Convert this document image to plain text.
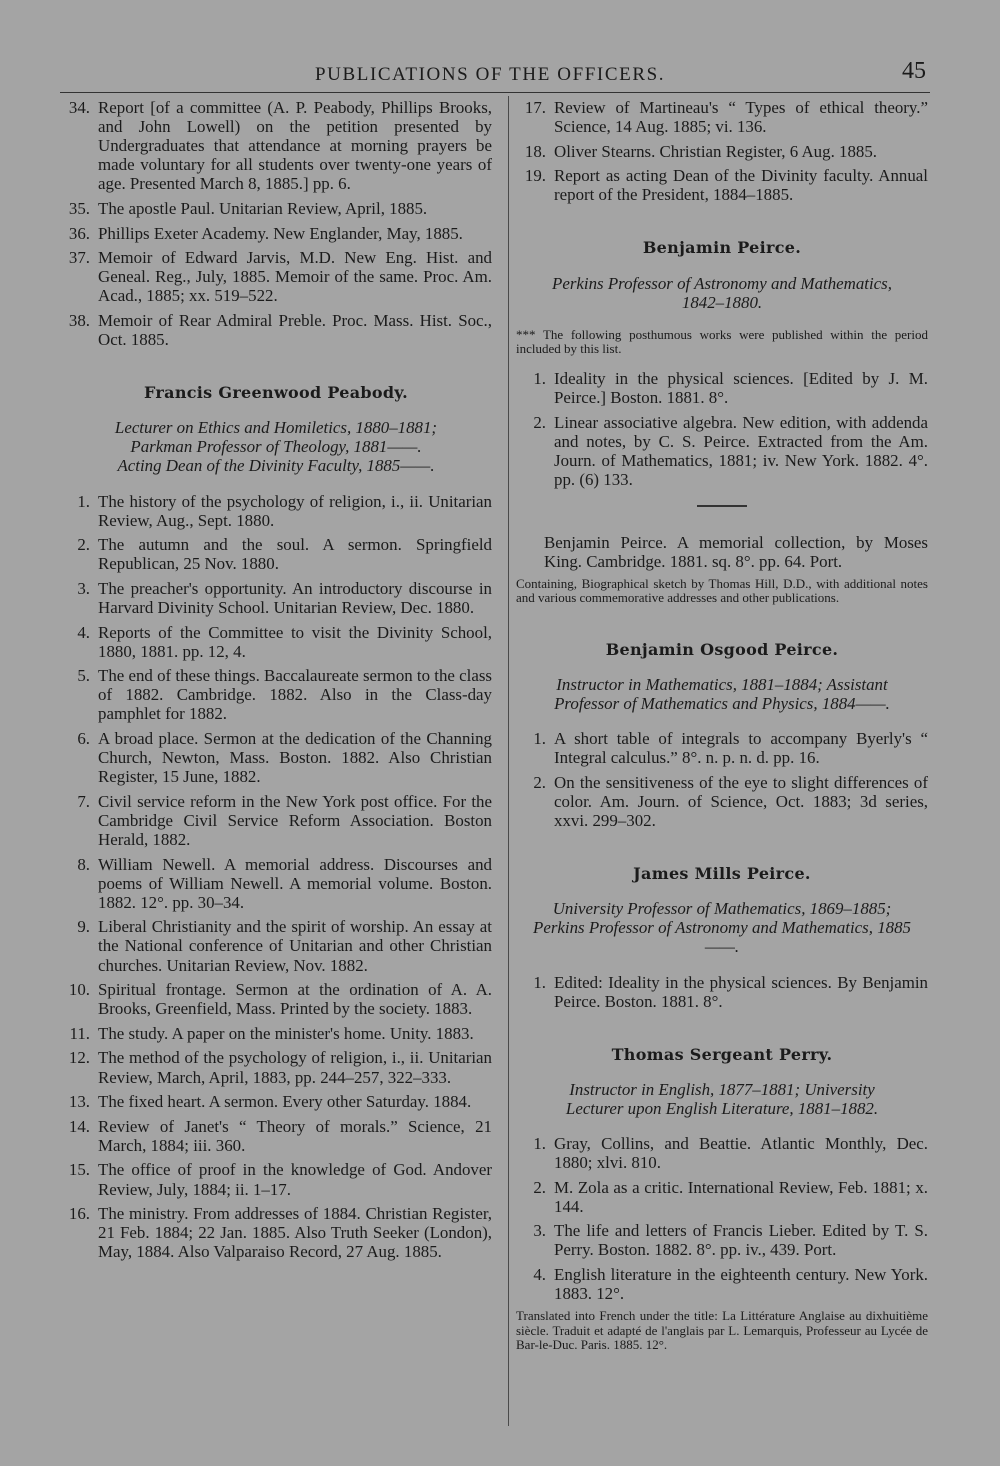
PUBLICATIONS OF THE OFFICERS.	45
34. Report [of a committee (A. P. Peabody, Phillips Brooks, and John Lowell) on the petition presented by Undergraduates that attendance at morning prayers be made voluntary for all students over twenty-one years of age. Presented March 8, 1885.] pp. 6.
35. The apostle Paul. Unitarian Review, April, 1885.
36. Phillips Exeter Academy. New Englander, May, 1885.
37. Memoir of Edward Jarvis, M.D. New Eng. Hist. and Geneal. Reg., July, 1885. Memoir of the same. Proc. Am. Acad., 1885; xx. 519–522.
38. Memoir of Rear Admiral Preble. Proc. Mass. Hist. Soc., Oct. 1885.
Francis Greenwood Peabody.
Lecturer on Ethics and Homiletics, 1880–1881;
Parkman Professor of Theology, 1881——.
Acting Dean of the Divinity Faculty, 1885——.
1. The history of the psychology of religion, i., ii. Unitarian Review, Aug., Sept. 1880.
2. The autumn and the soul. A sermon. Springfield Republican, 25 Nov. 1880.
3. The preacher's opportunity. An introductory discourse in Harvard Divinity School. Unitarian Review, Dec. 1880.
4. Reports of the Committee to visit the Divinity School, 1880, 1881. pp. 12, 4.
5. The end of these things. Baccalaureate sermon to the class of 1882. Cambridge. 1882. Also in the Class-day pamphlet for 1882.
6. A broad place. Sermon at the dedication of the Channing Church, Newton, Mass. Boston. 1882. Also Christian Register, 15 June, 1882.
7. Civil service reform in the New York post office. For the Cambridge Civil Service Reform Association. Boston Herald, 1882.
8. William Newell. A memorial address. Discourses and poems of William Newell. A memorial volume. Boston. 1882. 12°. pp. 30–34.
9. Liberal Christianity and the spirit of worship. An essay at the National conference of Unitarian and other Christian churches. Unitarian Review, Nov. 1882.
10. Spiritual frontage. Sermon at the ordination of A. A. Brooks, Greenfield, Mass. Printed by the society. 1883.
11. The study. A paper on the minister's home. Unity. 1883.
12. The method of the psychology of religion, i., ii. Unitarian Review, March, April, 1883, pp. 244–257, 322–333.
13. The fixed heart. A sermon. Every other Saturday. 1884.
14. Review of Janet's “ Theory of morals.” Science, 21 March, 1884; iii. 360.
15. The office of proof in the knowledge of God. Andover Review, July, 1884; ii. 1–17.
16. The ministry. From addresses of 1884. Christian Register, 21 Feb. 1884; 22 Jan. 1885. Also Truth Seeker (London), May, 1884. Also Valparaiso Record, 27 Aug. 1885.
17. Review of Martineau's “ Types of ethical theory.” Science, 14 Aug. 1885; vi. 136.
18. Oliver Stearns. Christian Register, 6 Aug. 1885.
19. Report as acting Dean of the Divinity faculty. Annual report of the President, 1884–1885.
Benjamin Peirce.
Perkins Professor of Astronomy and Mathematics,
1842–1880.
*** The following posthumous works were published within the period included by this list.
1. Ideality in the physical sciences. [Edited by J. M. Peirce.] Boston. 1881. 8°.
2. Linear associative algebra. New edition, with addenda and notes, by C. S. Peirce. Extracted from the Am. Journ. of Mathematics, 1881; iv. New York. 1882. 4°. pp. (6) 133.
Benjamin Peirce. A memorial collection, by Moses King. Cambridge. 1881. sq. 8°. pp. 64. Port.
Containing, Biographical sketch by Thomas Hill, D.D., with additional notes and various commemorative addresses and other publications.
Benjamin Osgood Peirce.
Instructor in Mathematics, 1881–1884; Assistant
Professor of Mathematics and Physics, 1884——.
1. A short table of integrals to accompany Byerly's “ Integral calculus.” 8°. n. p. n. d. pp. 16.
2. On the sensitiveness of the eye to slight differences of color. Am. Journ. of Science, Oct. 1883; 3d series, xxvi. 299–302.
James Mills Peirce.
University Professor of Mathematics, 1869–1885;
Perkins Professor of Astronomy and Mathematics, 1885——.
1. Edited: Ideality in the physical sciences. By Benjamin Peirce. Boston. 1881. 8°.
Thomas Sergeant Perry.
Instructor in English, 1877–1881; University
Lecturer upon English Literature, 1881–1882.
1. Gray, Collins, and Beattie. Atlantic Monthly, Dec. 1880; xlvi. 810.
2. M. Zola as a critic. International Review, Feb. 1881; x. 144.
3. The life and letters of Francis Lieber. Edited by T. S. Perry. Boston. 1882. 8°. pp. iv., 439. Port.
4. English literature in the eighteenth century. New York. 1883. 12°.
Translated into French under the title: La Littérature Anglaise au dixhuitième siècle. Traduit et adapté de l'anglais par L. Lemarquis, Professeur au Lycée de Bar-le-Duc. Paris. 1885. 12°.
